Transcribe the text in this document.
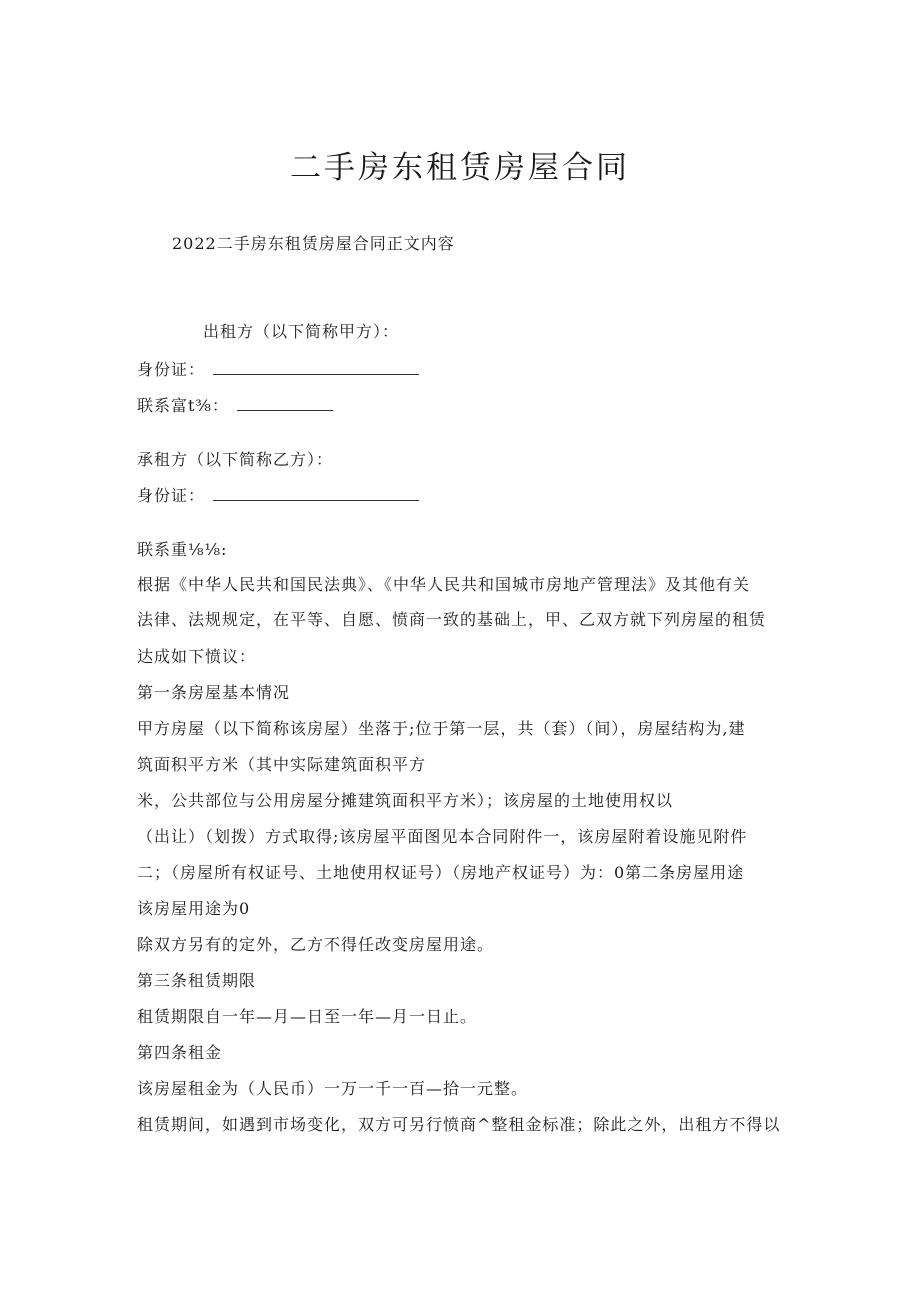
二手房东租赁房屋合同
2022二手房东租赁房屋合同正文内容
出租方（以下简称甲方）：
身份证：
联系富t⅜：
承租方（以下简称乙方）：
身份证：
联系重⅛⅛:
根据《中华人民共和国民法典》、《中华人民共和国城市房地产管理法》及其他有关
法律、法规规定，在平等、自愿、愤商一致的基础上，甲、乙双方就下列房屋的租赁
达成如下愤议：
第一条房屋基本情况
甲方房屋（以下简称该房屋）坐落于;位于第一层，共（套）（间），房屋结构为,建
筑面积平方米（其中实际建筑面积平方
米，公共部位与公用房屋分摊建筑面积平方米）；该房屋的土地使用权以
（出让）（划拨）方式取得;该房屋平面图见本合同附件一，该房屋附着设施见附件
二；（房屋所有权证号、土地使用权证号）（房地产权证号）为：0第二条房屋用途
该房屋用途为0
除双方另有的定外，乙方不得任改变房屋用途。
第三条租赁期限
租赁期限自一年—月—日至一年—月一日止。
第四条租金
该房屋租金为（人民币）一万一千一百—拾一元整。
租赁期间，如遇到市场变化，双方可另行愤商^整租金标准；除此之外，出租方不得以
